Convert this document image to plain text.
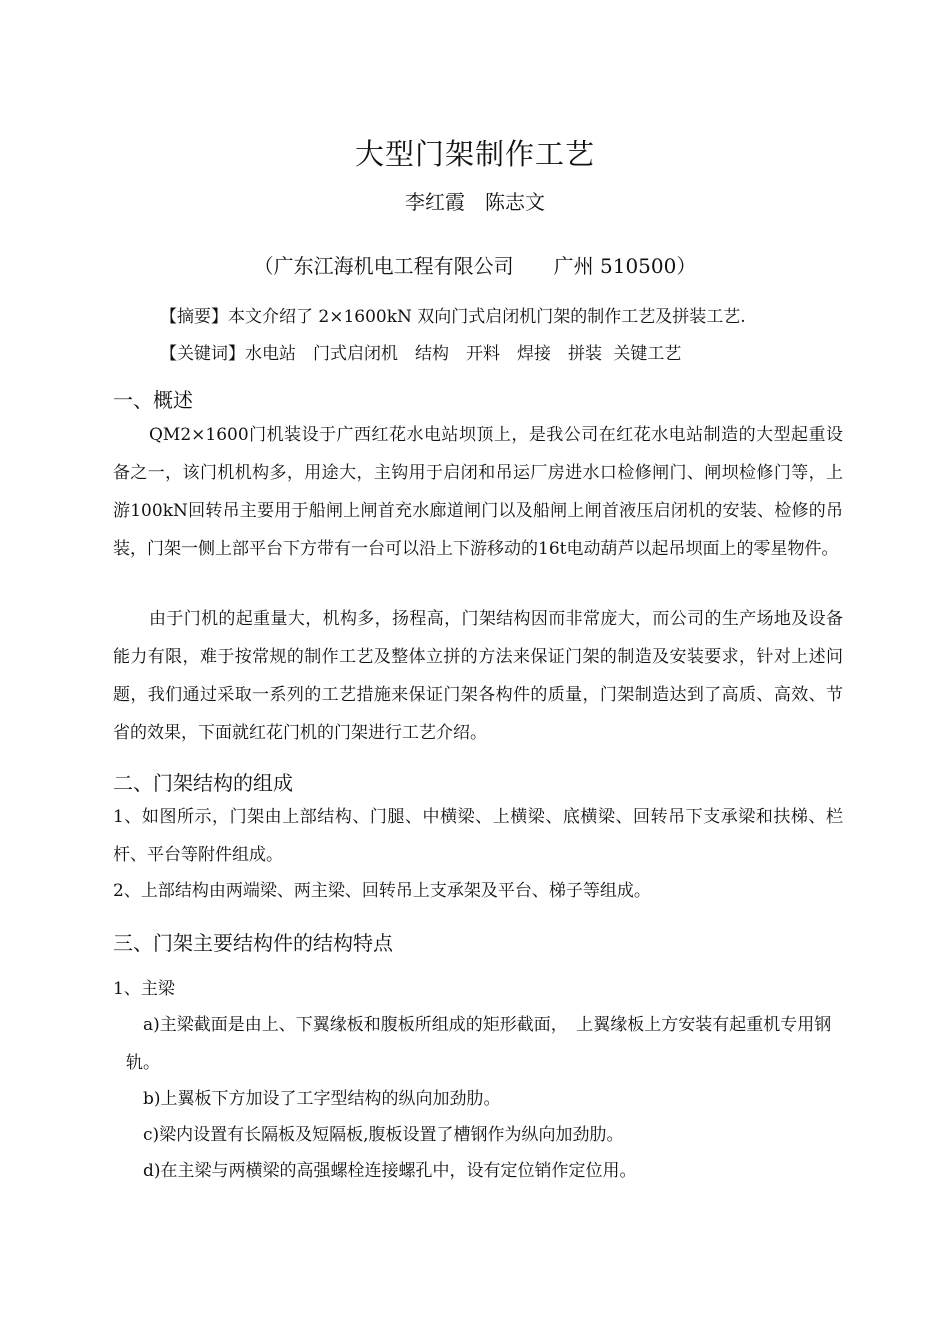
大型门架制作工艺
李红霞　陈志文
（广东江海机电工程有限公司　　广州 510500）
【摘要】本文介绍了 2×1600kN 双向门式启闭机门架的制作工艺及拼装工艺.
【关键词】水电站　门式启闭机　结构　开料　焊接　拼装 关键工艺
一、概述

QM2×1600门机装设于广西红花水电站坝顶上，是我公司在红花水电站制造的大型起重设备之一，该门机机构多，用途大，主钩用于启闭和吊运厂房进水口检修闸门、闸坝检修门等，上游100kN回转吊主要用于船闸上闸首充水廊道闸门以及船闸上闸首液压启闭机的安装、检修的吊装，门架一侧上部平台下方带有一台可以沿上下游移动的16t电动葫芦以起吊坝面上的零星物件。

由于门机的起重量大，机构多，扬程高，门架结构因而非常庞大，而公司的生产场地及设备能力有限，难于按常规的制作工艺及整体立拼的方法来保证门架的制造及安装要求，针对上述问题，我们通过采取一系列的工艺措施来保证门架各构件的质量，门架制造达到了高质、高效、节省的效果，下面就红花门机的门架进行工艺介绍。

二、门架结构的组成

1、如图所示，门架由上部结构、门腿、中横梁、上横梁、底横梁、回转吊下支承梁和扶梯、栏杆、平台等附件组成。

2、上部结构由两端梁、两主梁、回转吊上支承架及平台、梯子等组成。

三、门架主要结构件的结构特点
1、主梁

a)主梁截面是由上、下翼缘板和腹板所组成的矩形截面，　上翼缘板上方安装有起重机专用钢轨。

b)上翼板下方加设了工字型结构的纵向加劲肋。

c)梁内设置有长隔板及短隔板,腹板设置了槽钢作为纵向加劲肋。

d)在主梁与两横梁的高强螺栓连接螺孔中，设有定位销作定位用。
